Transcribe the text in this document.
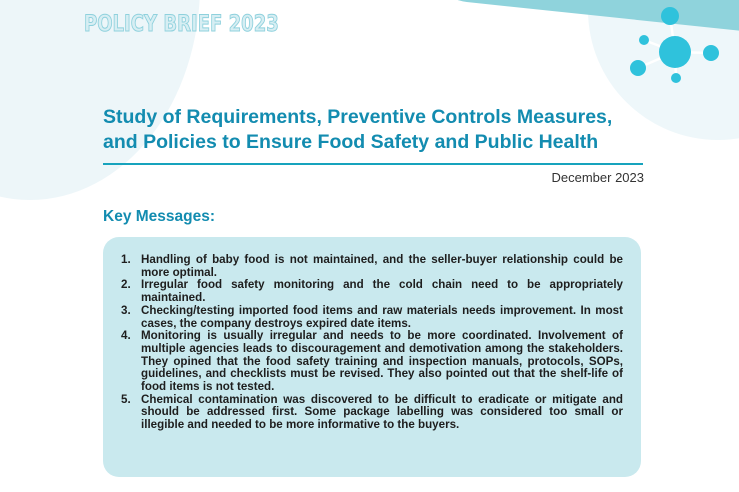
POLICY BRIEF 2023
Study of Requirements, Preventive Controls Measures,
and Policies to Ensure Food Safety and Public Health
December 2023
Key Messages:
1. Handling of baby food is not maintained, and the seller-buyer relationship could be more optimal.
2. Irregular food safety monitoring and the cold chain need to be appropriately maintained.
3. Checking/testing imported food items and raw materials needs improvement. In most cases, the company destroys expired date items.
4. Monitoring is usually irregular and needs to be more coordinated. Involvement of multiple agencies leads to discouragement and demotivation among the stakeholders. They opined that the food safety training and inspection manuals, protocols, SOPs, guidelines, and checklists must be revised. They also pointed out that the shelf-life of food items is not tested.
5. Chemical contamination was discovered to be difficult to eradicate or mitigate and should be addressed first. Some package labelling was considered too small or illegible and needed to be more informative to the buyers.
